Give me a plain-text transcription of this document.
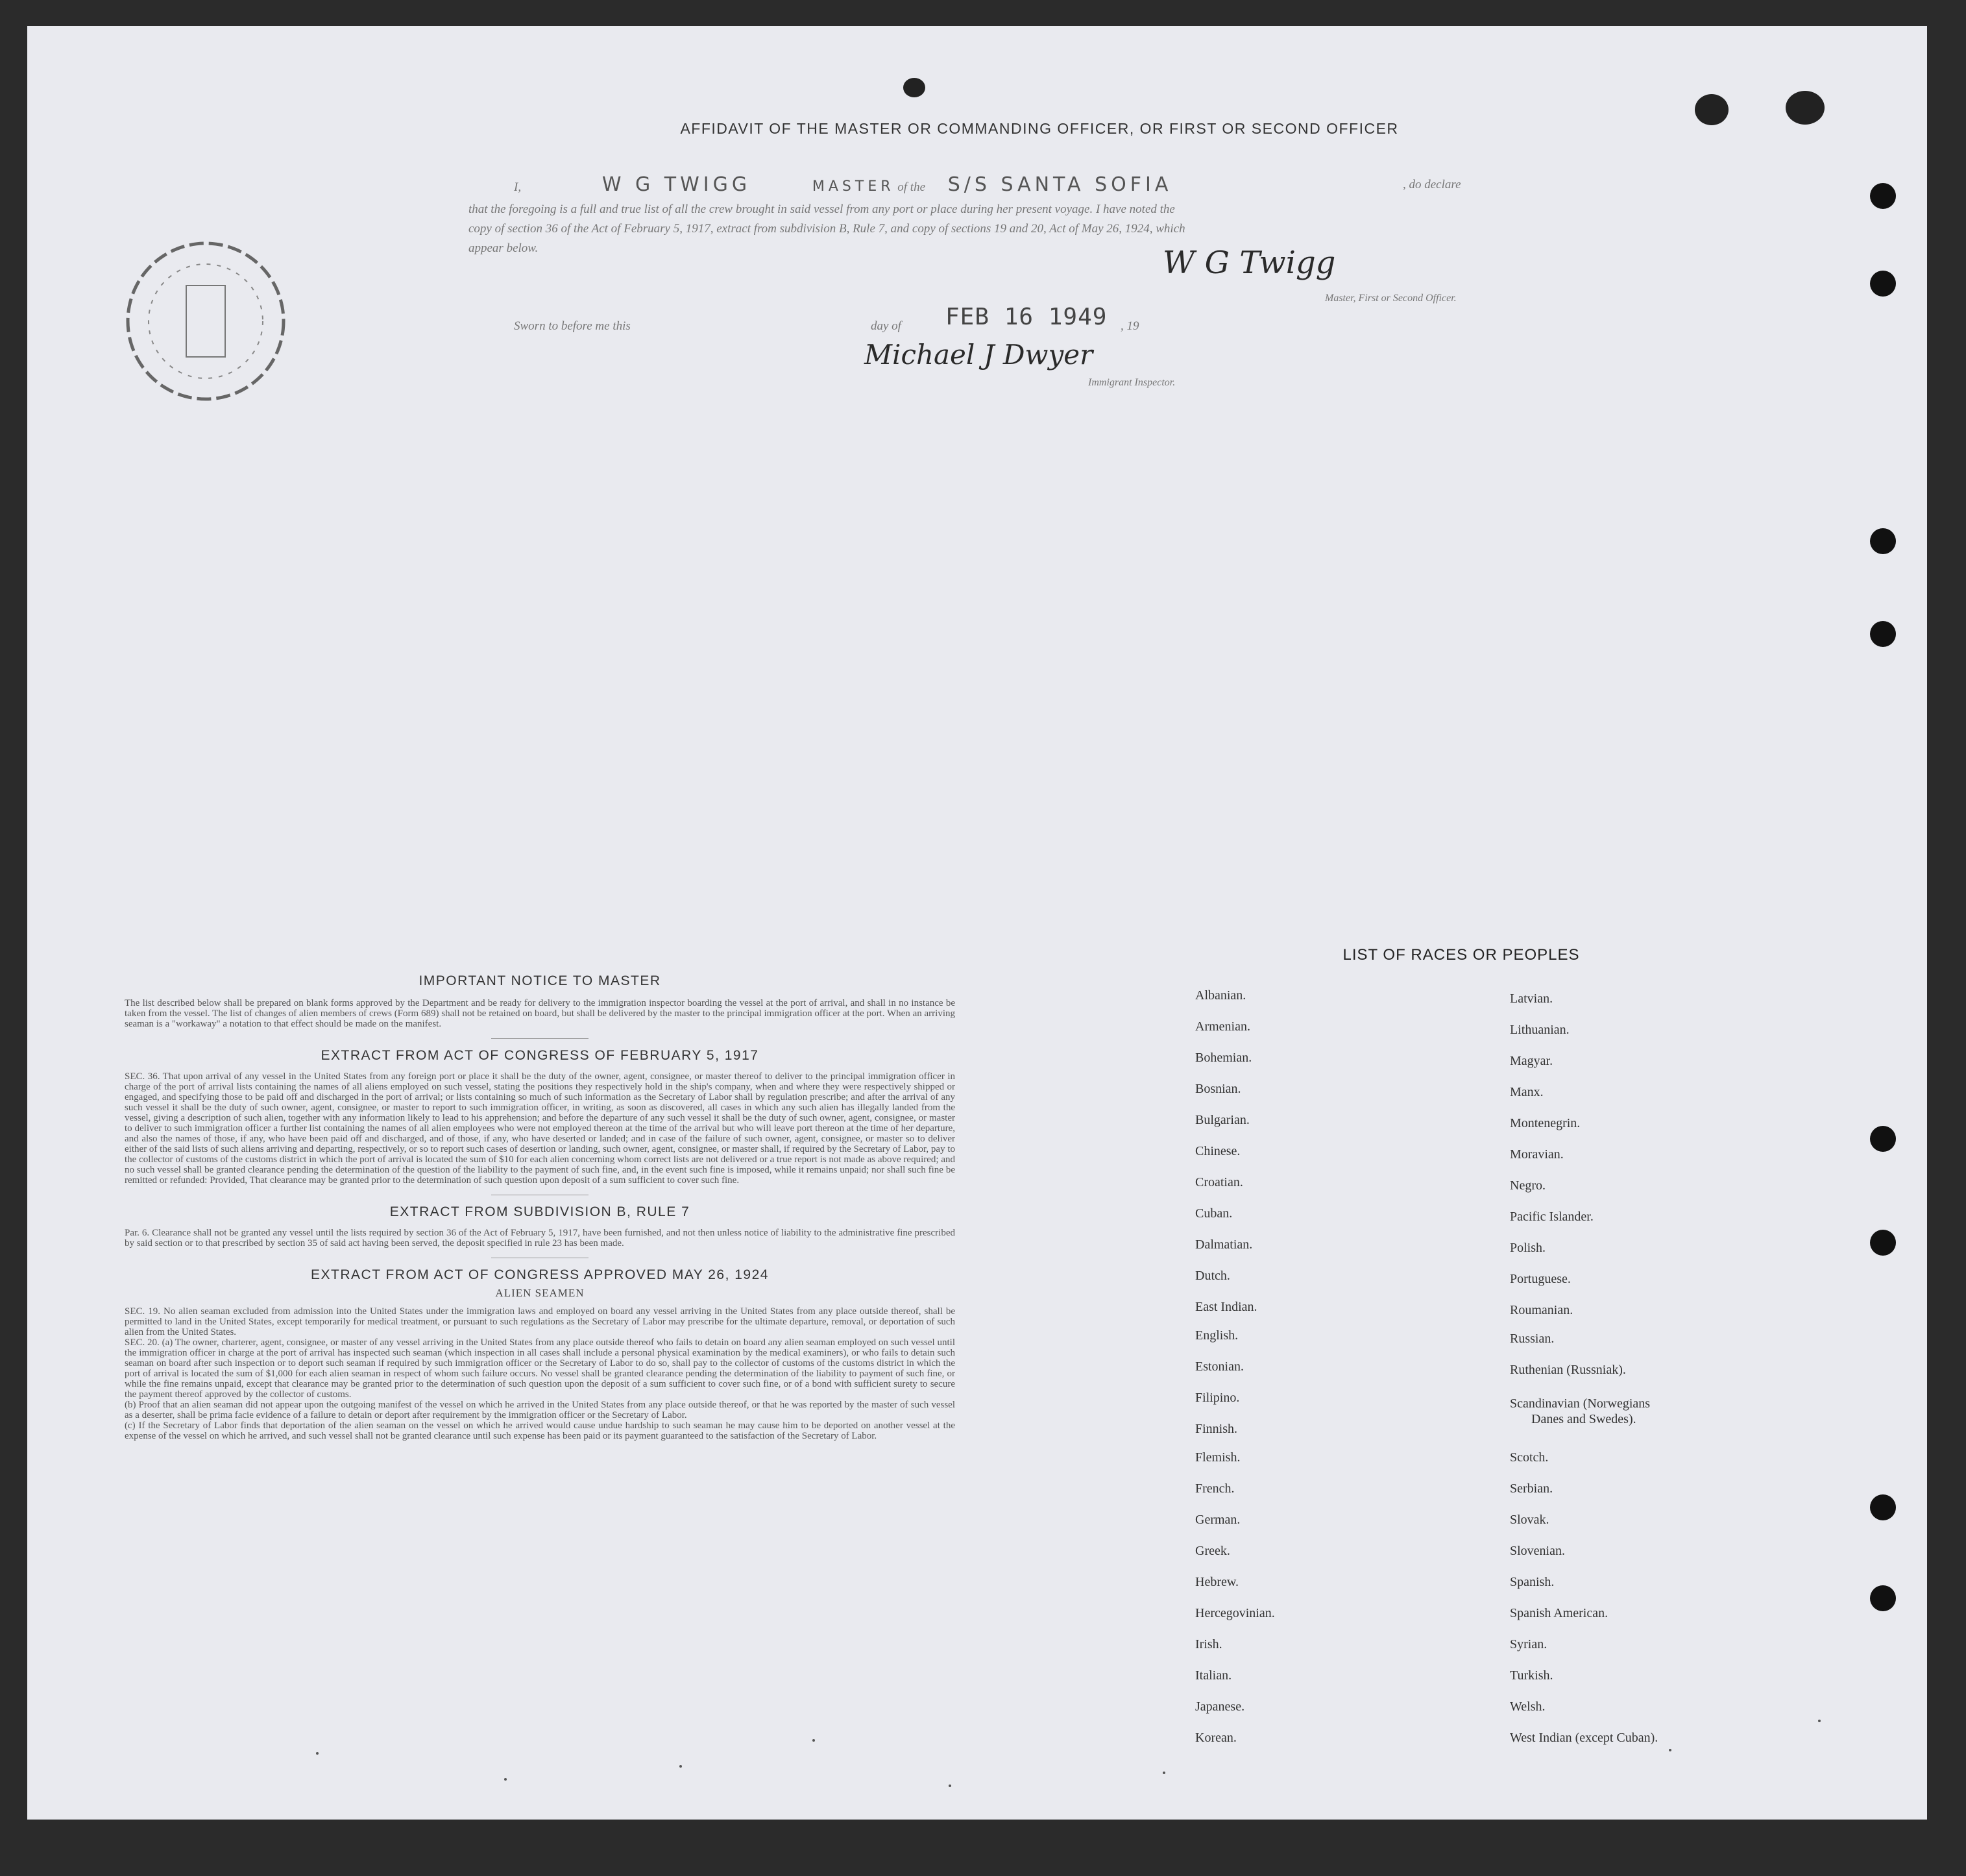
AFFIDAVIT OF THE MASTER OR COMMANDING OFFICER, OR FIRST OR SECOND OFFICER
I,	W G TWIGG	MASTER of the S/S SANTA SOFIA	, do declare
that the foregoing is a full and true list of all the crew brought in said vessel from any port or place during her present voyage. I have noted the
copy of section 36 of the Act of February 5, 1917, extract from subdivision B, Rule 7, and copy of sections 19 and 20, Act of May 26, 1924, which
appear below.	W G Twigg
Master, First or Second Officer.
Sworn to before me this	day of FEB 16 1949 , 19
Michael J Dwyer
Immigrant Inspector.
IMPORTANT NOTICE TO MASTER

The list described below shall be prepared on blank forms approved by the Department and be ready for delivery to the immigration inspector boarding the vessel at the port of arrival, and shall in no instance be taken from the vessel. The list of changes of alien members of crews (Form 689) shall not be retained on board, but shall be delivered by the master to the principal immigration officer at the port. When an arriving seaman is a "workaway" a notation to that effect should be made on the manifest.

EXTRACT FROM ACT OF CONGRESS OF FEBRUARY 5, 1917

SEC. 36. That upon arrival of any vessel in the United States from any foreign port or place it shall be the duty of the owner, agent, consignee, or master thereof to deliver to the principal immigration officer in charge of the port of arrival lists containing the names of all aliens employed on such vessel, stating the positions they respectively hold in the ship's company, when and where they were respectively shipped or engaged, and specifying those to be paid off and discharged in the port of arrival; or lists containing so much of such information as the Secretary of Labor shall by regulation prescribe; and after the arrival of any such vessel it shall be the duty of such owner, agent, consignee, or master to report to such immigration officer, in writing, as soon as discovered, all cases in which any such alien has illegally landed from the vessel, giving a description of such alien, together with any information likely to lead to his apprehension; and before the departure of any such vessel it shall be the duty of such owner, agent, consignee, or master to deliver to such immigration officer a further list containing the names of all alien employees who were not employed thereon at the time of the arrival but who will leave port thereon at the time of her departure, and also the names of those, if any, who have been paid off and discharged, and of those, if any, who have deserted or landed; and in case of the failure of such owner, agent, consignee, or master so to deliver either of the said lists of such aliens arriving and departing, respectively, or so to report such cases of desertion or landing, such owner, agent, consignee, or master shall, if required by the Secretary of Labor, pay to the collector of customs of the customs district in which the port of arrival is located the sum of $10 for each alien concerning whom correct lists are not delivered or a true report is not made as above required; and no such vessel shall be granted clearance pending the determination of the question of the liability to the payment of such fine, and, in the event such fine is imposed, while it remains unpaid; nor shall such fine be remitted or refunded: Provided, That clearance may be granted prior to the determination of such question upon deposit of a sum sufficient to cover such fine.

EXTRACT FROM SUBDIVISION B, RULE 7

Par. 6. Clearance shall not be granted any vessel until the lists required by section 36 of the Act of February 5, 1917, have been furnished, and not then unless notice of liability to the administrative fine prescribed by said section or to that prescribed by section 35 of said act having been served, the deposit specified in rule 23 has been made.

EXTRACT FROM ACT OF CONGRESS APPROVED MAY 26, 1924
ALIEN SEAMEN

SEC. 19. No alien seaman excluded from admission into the United States under the immigration laws and employed on board any vessel arriving in the United States from any place outside thereof, shall be permitted to land in the United States, except temporarily for medical treatment, or pursuant to such regulations as the Secretary of Labor may prescribe for the ultimate departure, removal, or deportation of such alien from the United States.

SEC. 20. (a) The owner, charterer, agent, consignee, or master of any vessel arriving in the United States from any place outside thereof who fails to detain on board any alien seaman employed on such vessel until the immigration officer in charge at the port of arrival has inspected such seaman (which inspection in all cases shall include a personal physical examination by the medical examiners), or who fails to detain such seaman on board after such inspection or to deport such seaman if required by such immigration officer or the Secretary of Labor to do so, shall pay to the collector of customs of the customs district in which the port of arrival is located the sum of $1,000 for each alien seaman in respect of whom such failure occurs. No vessel shall be granted clearance pending the determination of the liability to payment of such fine, or while the fine remains unpaid, except that clearance may be granted prior to the determination of such question upon the deposit of a sum sufficient to cover such fine, or of a bond with sufficient surety to secure the payment thereof approved by the collector of customs.

(b) Proof that an alien seaman did not appear upon the outgoing manifest of the vessel on which he arrived in the United States from any place outside thereof, or that he was reported by the master of such vessel as a deserter, shall be prima facie evidence of a failure to detain or deport after requirement by the immigration officer or the Secretary of Labor.

(c) If the Secretary of Labor finds that deportation of the alien seaman on the vessel on which he arrived would cause undue hardship to such seaman he may cause him to be deported on another vessel at the expense of the vessel on which he arrived, and such vessel shall not be granted clearance until such expense has been paid or its payment guaranteed to the satisfaction of the Secretary of Labor.

LIST OF RACES OR PEOPLES
Albanian.
Armenian.
Bohemian.
Bosnian.
Bulgarian.
Chinese.
Croatian.
Cuban.
Dalmatian.
Dutch.
East Indian.
English.
Estonian.
Filipino.
Finnish.
Flemish.
French.
German.
Greek.
Hebrew.
Hercegovinian.
Irish.
Italian.
Japanese.
Korean.
Latvian.
Lithuanian.
Magyar.
Manx.
Montenegrin.
Moravian.
Negro.
Pacific Islander.
Polish.
Portuguese.
Roumanian.
Russian.
Ruthenian (Russniak).
Scandinavian (Norwegians
Danes and Swedes).
Scotch.
Serbian.
Slovak.
Slovenian.
Spanish.
Spanish American.
Syrian.
Turkish.
Welsh.
West Indian (except Cuban).
